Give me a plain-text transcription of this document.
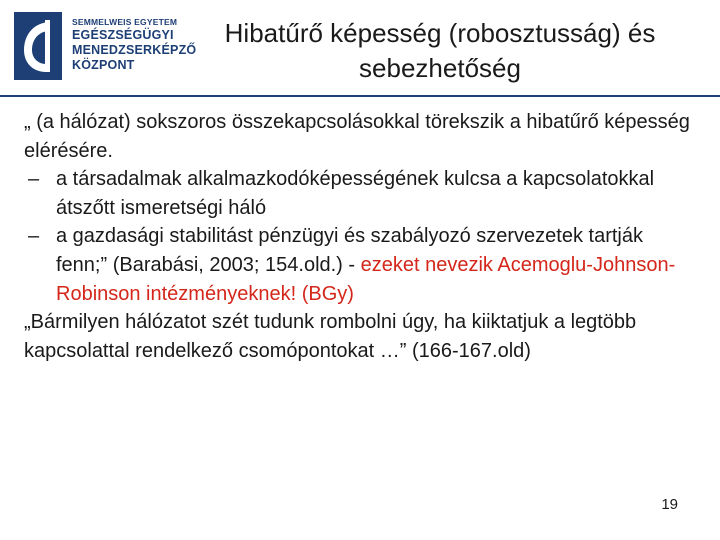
SEMMELWEIS EGYETEM
EGÉSZSÉGÜGYI
MENEDZSERKÉPZŐ
KÖZPONT
Hibatűrő képesség (robosztusság) és sebezhetőség

„ (a hálózat) sokszoros összekapcsolásokkal törekszik a hibatűrő képesség elérésére.

– a társadalmak alkalmazkodóképességének kulcsa a kapcsolatokkal átszőtt ismeretségi háló

– a gazdasági stabilitást pénzügyi és szabályozó szervezetek tartják fenn;” (Barabási, 2003; 154.old.) - ezeket nevezik Acemoglu-Johnson-Robinson intézményeknek! (BGy)

„Bármilyen hálózatot szét tudunk rombolni úgy, ha kiiktatjuk a legtöbb kapcsolattal rendelkező csomópontokat …” (166-167.old)

19
